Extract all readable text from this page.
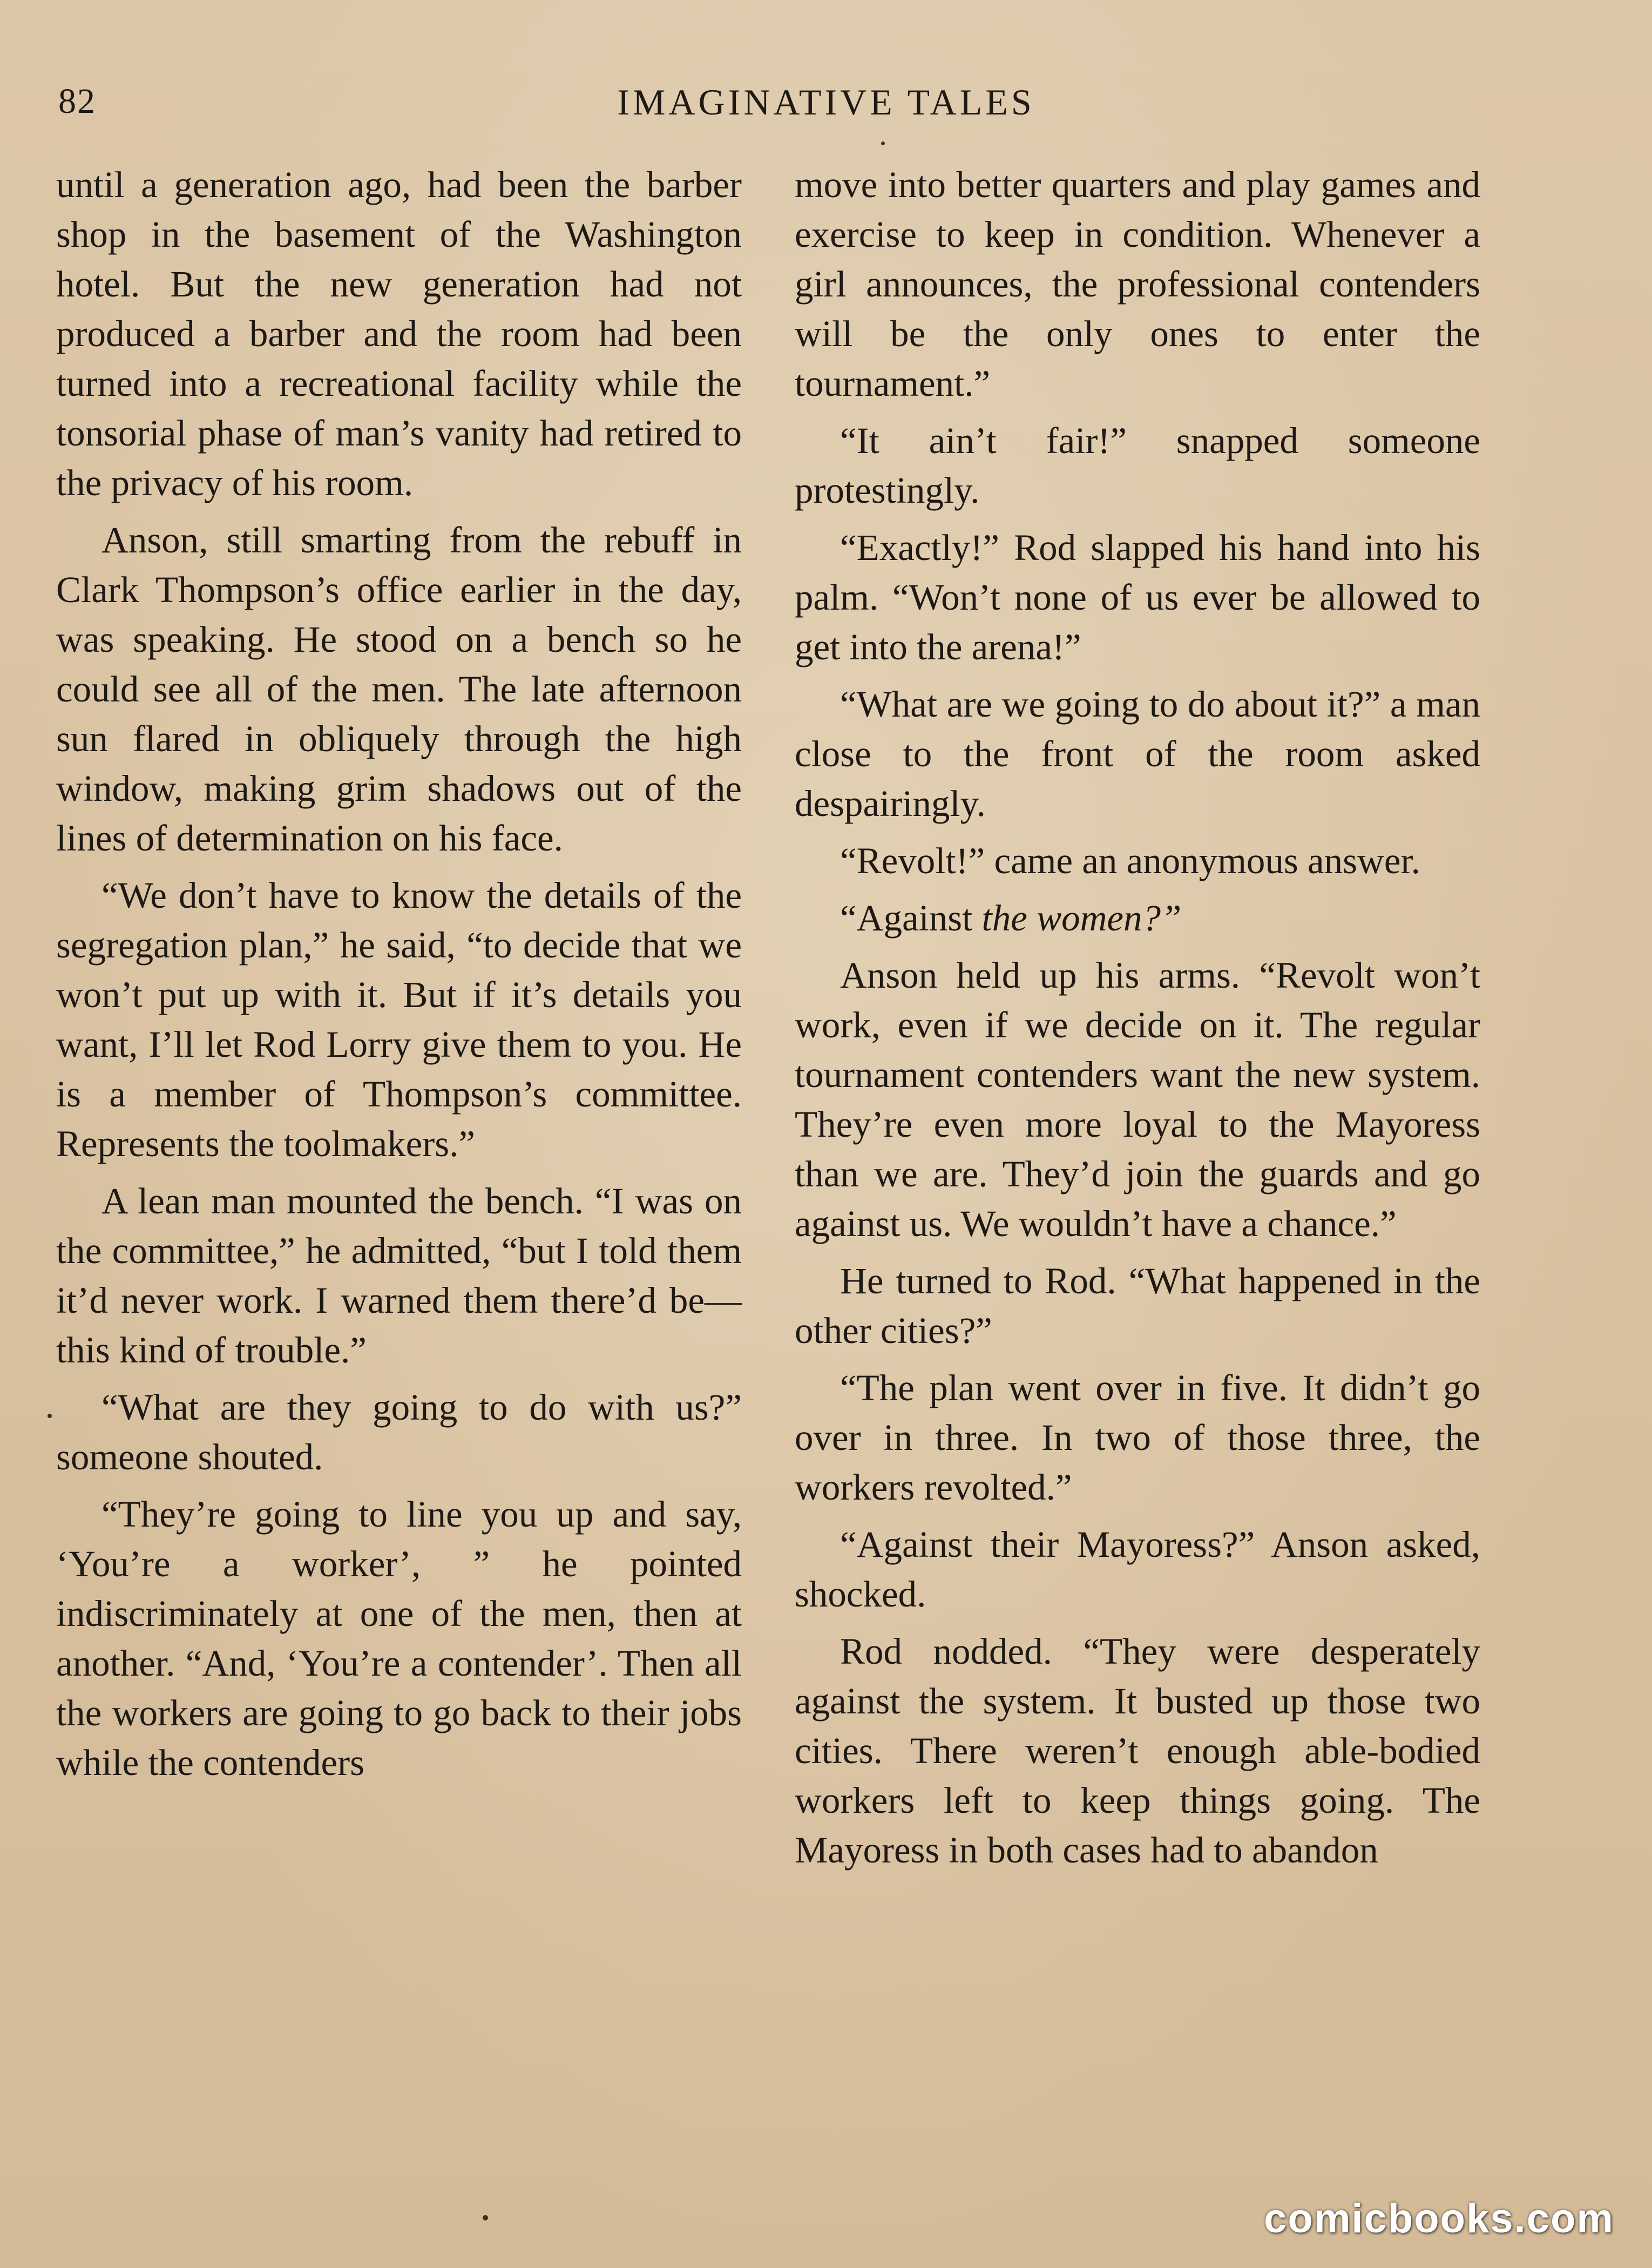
82	IMAGINATIVE TALES

until a generation ago, had been the barber shop in the basement of the Washington hotel. But the new generation had not produced a barber and the room had been turned into a recreational facility while the tonsorial phase of man’s vanity had retired to the privacy of his room.

Anson, still smarting from the rebuff in Clark Thompson’s office earlier in the day, was speaking. He stood on a bench so he could see all of the men. The late afternoon sun flared in obliquely through the high window, making grim shadows out of the lines of determination on his face.

“We don’t have to know the details of the segregation plan,” he said, “to decide that we won’t put up with it. But if it’s details you want, I’ll let Rod Lorry give them to you. He is a member of Thompson’s committee. Represents the toolmakers.”

A lean man mounted the bench. “I was on the committee,” he admitted, “but I told them it’d never work. I warned them there’d be—this kind of trouble.”

“What are they going to do with us?” someone shouted.

“They’re going to line you up and say, ‘You’re a worker’, ” he pointed indiscriminately at one of the men, then at another. “And, ‘You’re a contender’. Then all the workers are going to go back to their jobs while the contenders

move into better quarters and play games and exercise to keep in condition. Whenever a girl announces, the professional contenders will be the only ones to enter the tournament.”

“It ain’t fair!” snapped someone protestingly.

“Exactly!” Rod slapped his hand into his palm. “Won’t none of us ever be allowed to get into the arena!”

“What are we going to do about it?” a man close to the front of the room asked despairingly.

“Revolt!” came an anonymous answer.

“Against the women?”

Anson held up his arms. “Revolt won’t work, even if we decide on it. The regular tournament contenders want the new system. They’re even more loyal to the Mayoress than we are. They’d join the guards and go against us. We wouldn’t have a chance.”

He turned to Rod. “What happened in the other cities?”

“The plan went over in five. It didn’t go over in three. In two of those three, the workers revolted.”

“Against their Mayoress?” Anson asked, shocked.

Rod nodded. “They were desperately against the system. It busted up those two cities. There weren’t enough able-bodied workers left to keep things going. The Mayoress in both cases had to abandon

comicbooks.com
